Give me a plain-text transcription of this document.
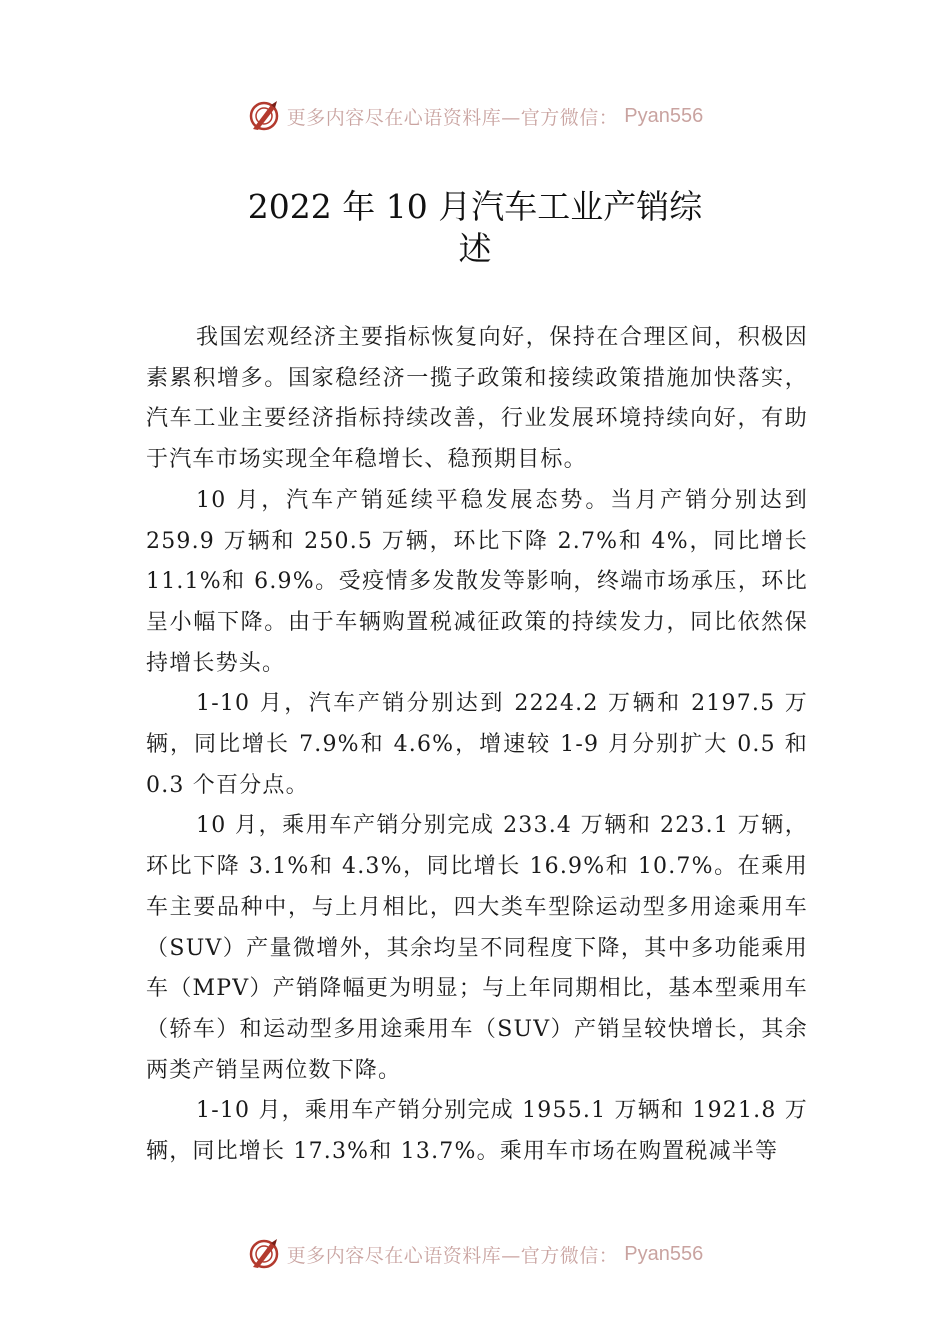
更多内容尽在心语资料库—官方微信： Pyan556
2022 年 10 月汽车工业产销综
述

我国宏观经济主要指标恢复向好，保持在合理区间，积极因素累积增多。国家稳经济一揽子政策和接续政策措施加快落实，汽车工业主要经济指标持续改善，行业发展环境持续向好，有助于汽车市场实现全年稳增长、稳预期目标。

10 月，汽车产销延续平稳发展态势。当月产销分别达到 259.9 万辆和 250.5 万辆，环比下降 2.7%和 4%，同比增长 11.1%和 6.9%。受疫情多发散发等影响，终端市场承压，环比呈小幅下降。由于车辆购置税减征政策的持续发力，同比依然保持增长势头。

1-10 月，汽车产销分别达到 2224.2 万辆和 2197.5 万辆，同比增长 7.9%和 4.6%，增速较 1-9 月分别扩大 0.5 和 0.3 个百分点。

10 月，乘用车产销分别完成 233.4 万辆和 223.1 万辆，环比下降 3.1%和 4.3%，同比增长 16.9%和 10.7%。在乘用车主要品种中，与上月相比，四大类车型除运动型多用途乘用车（SUV）产量微增外，其余均呈不同程度下降，其中多功能乘用车（MPV）产销降幅更为明显；与上年同期相比，基本型乘用车（轿车）和运动型多用途乘用车（SUV）产销呈较快增长，其余两类产销呈两位数下降。

1-10 月，乘用车产销分别完成 1955.1 万辆和 1921.8 万辆，同比增长 17.3%和 13.7%。乘用车市场在购置税减半等

更多内容尽在心语资料库—官方微信： Pyan556
